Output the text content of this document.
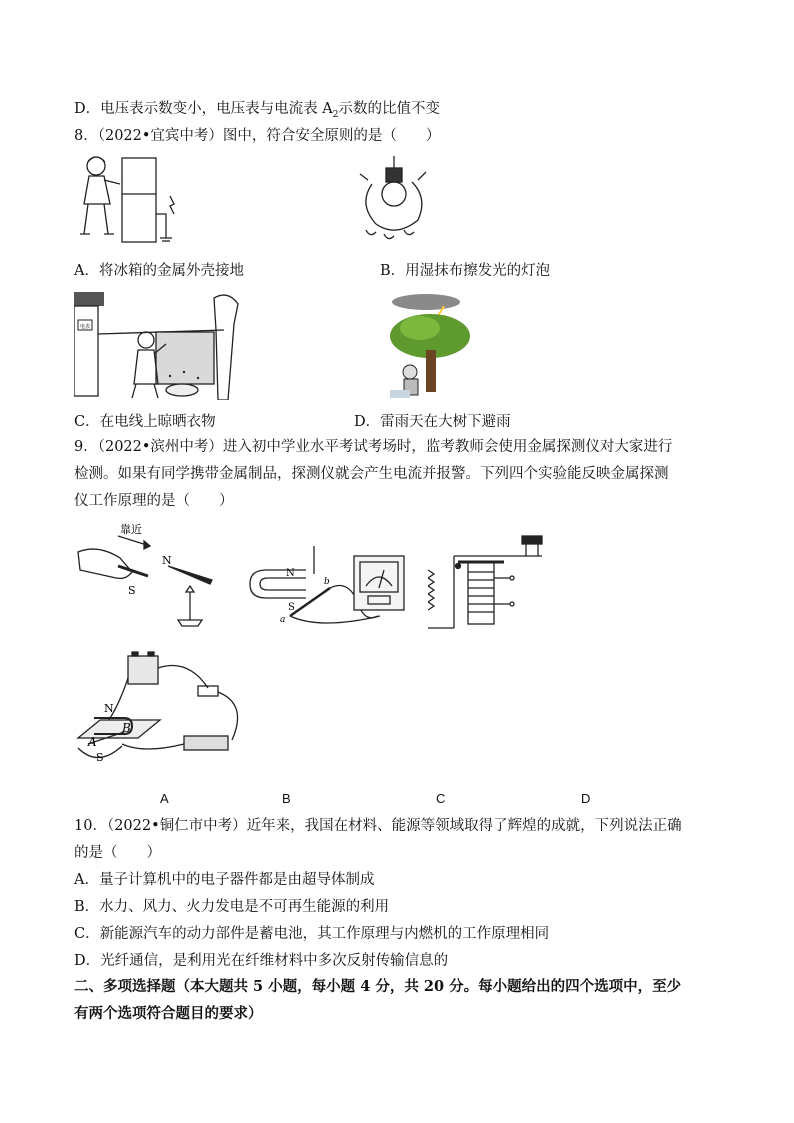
D．电压表示数变小，电压表与电流表 $A_2$示数的比值不变
8．（2022•宜宾中考）图中，符合安全原则的是（　　）
A．将冰箱的金属外壳接地	B．用湿抹布擦发光的灯泡
电表
C．在电线上晾晒衣物	D．雷雨天在大树下避雨
9．（2022•滨州中考）进入初中学业水平考试考场时，监考教师会使用金属探测仪对大家进行
检测。如果有同学携带金属制品，探测仪就会产生电流并报警。下列四个实验能反映金属探测
仪工作原理的是（　　）
靠近
N
S
N
S
b
a
N
S
B
A
A	B	C	D
10．（2022•铜仁市中考）近年来，我国在材料、能源等领域取得了辉煌的成就，下列说法正确
的是（　　）
A．量子计算机中的电子器件都是由超导体制成
B．水力、风力、火力发电是不可再生能源的利用
C．新能源汽车的动力部件是蓄电池，其工作原理与内燃机的工作原理相同
D．光纤通信，是利用光在纤维材料中多次反射传输信息的
二、多项选择题（本大题共 5 小题，每小题 4 分，共 20 分。每小题给出的四个选项中，至少
有两个选项符合题目的要求）
